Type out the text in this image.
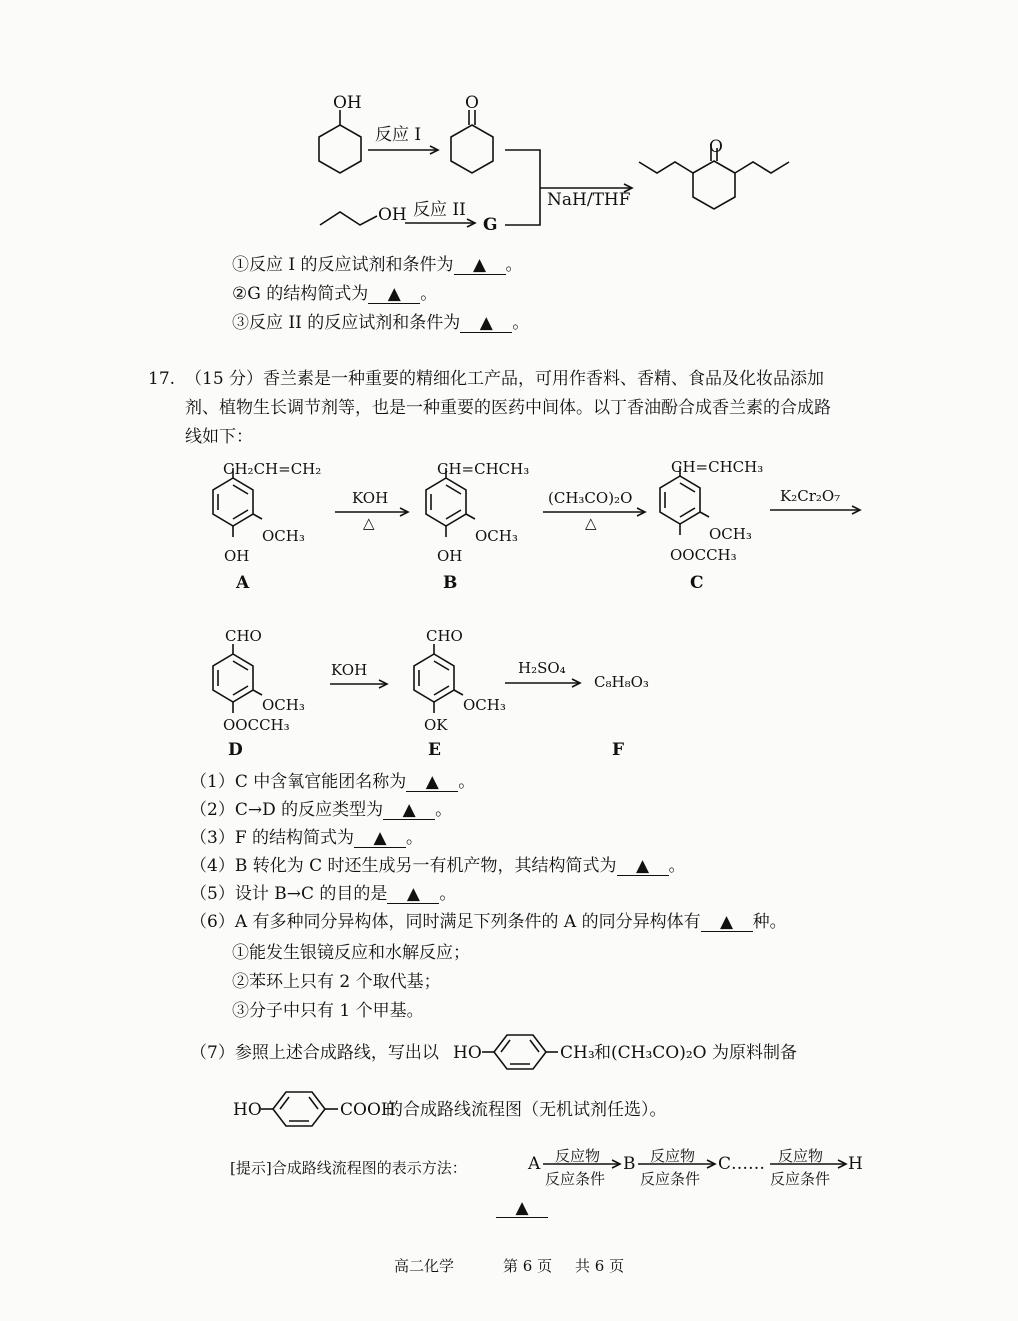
OH
反应 I
O
NaH/THF
O
OH 反应 II
G
①反应 I 的反应试剂和条件为 ▲ 。
②G 的结构简式为 ▲ 。
③反应 II 的反应试剂和条件为 ▲ 。
17. （15 分）香兰素是一种重要的精细化工产品，可用作香料、香精、食品及化妆品添加
剂、植物生长调节剂等，也是一种重要的医药中间体。以丁香油酚合成香兰素的合成路
线如下：
CH₂CH=CH₂
OCH₃
OH
A
KOH
△
CH=CHCH₃
OCH₃
OH
B
(CH₃CO)₂O
△
CH=CHCH₃
OCH₃
OOCCH₃
C
K₂Cr₂O₇
CHO
OCH₃
OOCCH₃
D
KOH
CHO
OCH₃
OK
E
H₂SO₄
C₈H₈O₃
F
（1）C 中含氧官能团名称为 ▲ 。
（2）C→D 的反应类型为 ▲ 。
（3）F 的结构简式为 ▲ 。
（4）B 转化为 C 时还生成另一有机产物，其结构简式为 ▲ 。
（5）设计 B→C 的目的是 ▲ 。
（6）A 有多种同分异构体，同时满足下列条件的 A 的同分异构体有 ▲ 种。
①能发生银镜反应和水解反应；
②苯环上只有 2 个取代基；
③分子中只有 1 个甲基。
（7）参照上述合成路线，写出以 HO	CH₃ 和(CH₃CO)₂O 为原料制备
HO	COOH
的合成路线流程图（无机试剂任选）。
[提示]合成路线流程图的表示方法：	A 反应物
反应条件
B 反应物
反应条件
C…… 反应物
反应条件
H
▲
高二化学	第 6 页 共 6 页
